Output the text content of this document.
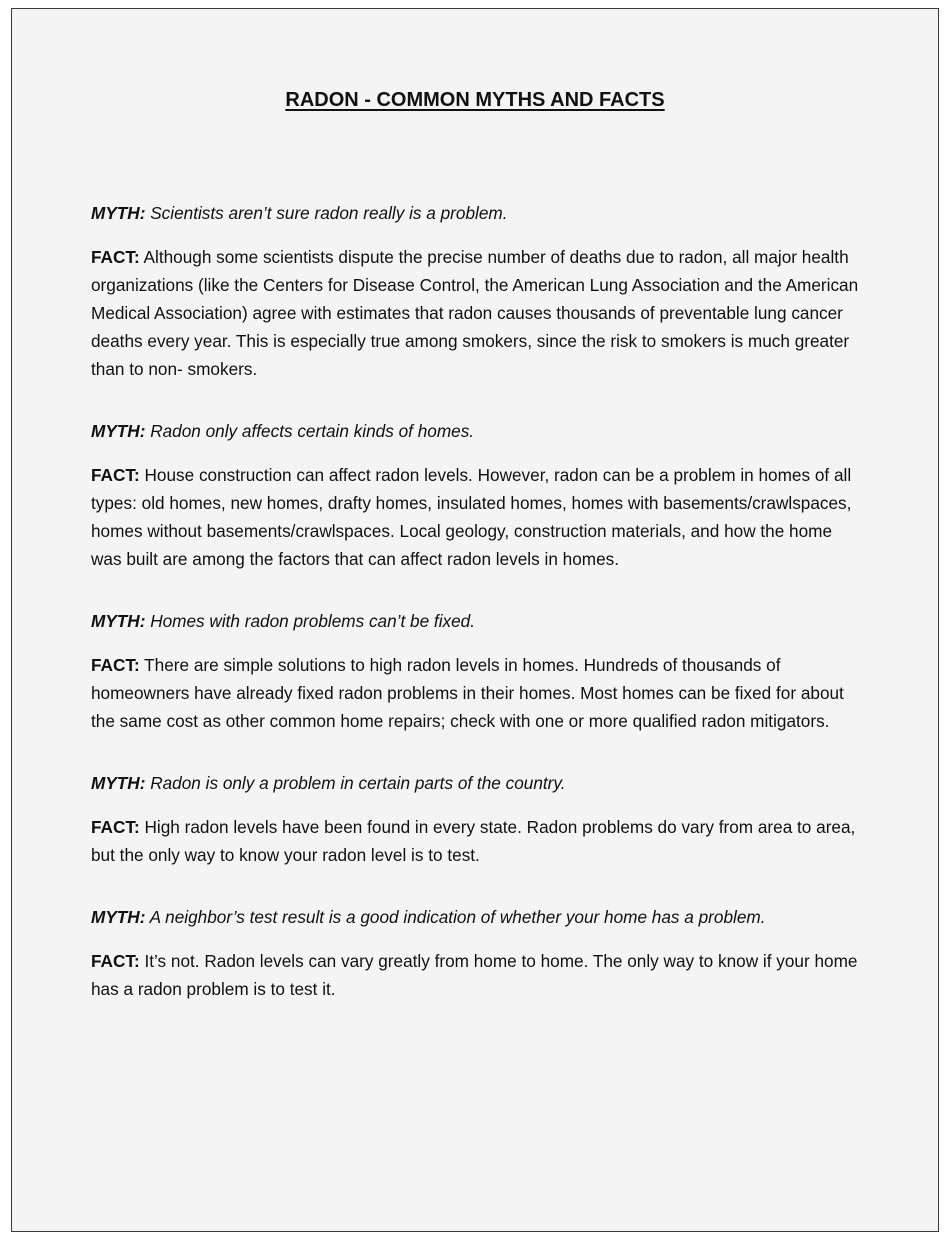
RADON - COMMON MYTHS AND FACTS

MYTH: Scientists aren’t sure radon really is a problem.

FACT: Although some scientists dispute the precise number of deaths due to radon, all major health organizations (like the Centers for Disease Control, the American Lung Association and the American Medical Association) agree with estimates that radon causes thousands of preventable lung cancer deaths every year. This is especially true among smokers, since the risk to smokers is much greater than to non- smokers.

MYTH: Radon only affects certain kinds of homes.

FACT: House construction can affect radon levels. However, radon can be a problem in homes of all types: old homes, new homes, drafty homes, insulated homes, homes with basements/crawlspaces, homes without basements/crawlspaces. Local geology, construction materials, and how the home was built are among the factors that can affect radon levels in homes.

MYTH: Homes with radon problems can’t be fixed.

FACT: There are simple solutions to high radon levels in homes. Hundreds of thousands of homeowners have already fixed radon problems in their homes. Most homes can be fixed for about the same cost as other common home repairs; check with one or more qualified radon mitigators.

MYTH: Radon is only a problem in certain parts of the country.

FACT: High radon levels have been found in every state. Radon problems do vary from area to area, but the only way to know your radon level is to test.

MYTH: A neighbor’s test result is a good indication of whether your home has a problem.

FACT: It’s not. Radon levels can vary greatly from home to home. The only way to know if your home has a radon problem is to test it.
